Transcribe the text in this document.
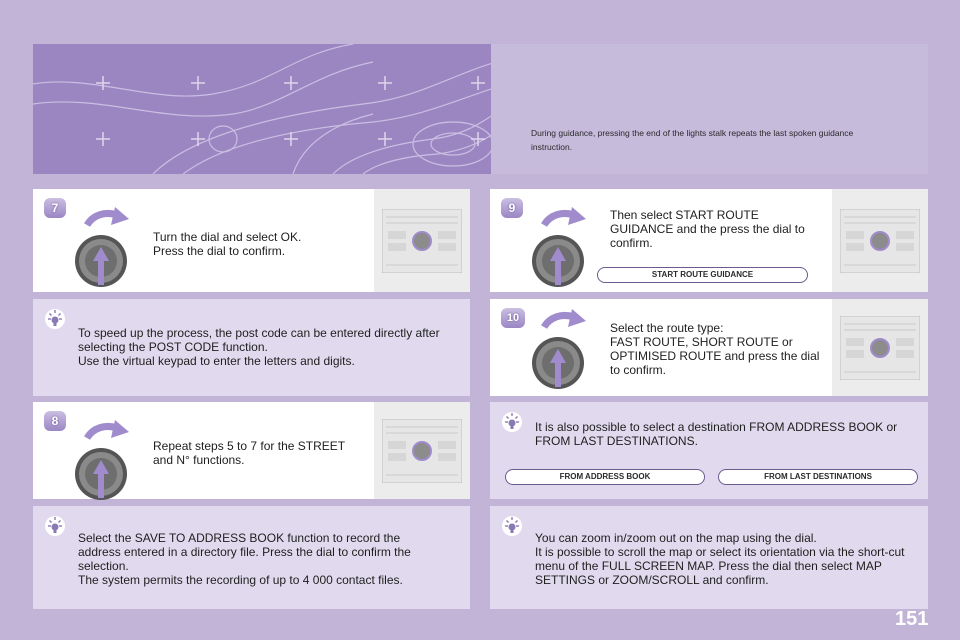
During guidance, pressing the end of the lights stalk repeats the last spoken guidance instruction.

7

Turn the dial and select OK.
Press the dial to confirm.

To speed up the process, the post code can be entered directly after selecting the POST CODE function.
Use the virtual keypad to enter the letters and digits.

8

Repeat steps 5 to 7 for the STREET and N° functions.

Select the SAVE TO ADDRESS BOOK function to record the address entered in a directory file. Press the dial to confirm the selection.
The system permits the recording of up to 4 000 contact files.

9	Then select START ROUTE GUIDANCE and the press the dial to confirm.

START ROUTE GUIDANCE
10

Select the route type:
FAST ROUTE, SHORT ROUTE or OPTIMISED ROUTE and press the dial to confirm.

It is also possible to select a destination FROM ADDRESS BOOK or FROM LAST DESTINATIONS.

FROM ADDRESS BOOK	FROM LAST DESTINATIONS

You can zoom in/zoom out on the map using the dial.
It is possible to scroll the map or select its orientation via the short-cut menu of the FULL SCREEN MAP. Press the dial then select MAP SETTINGS or ZOOM/SCROLL and confirm.

151
